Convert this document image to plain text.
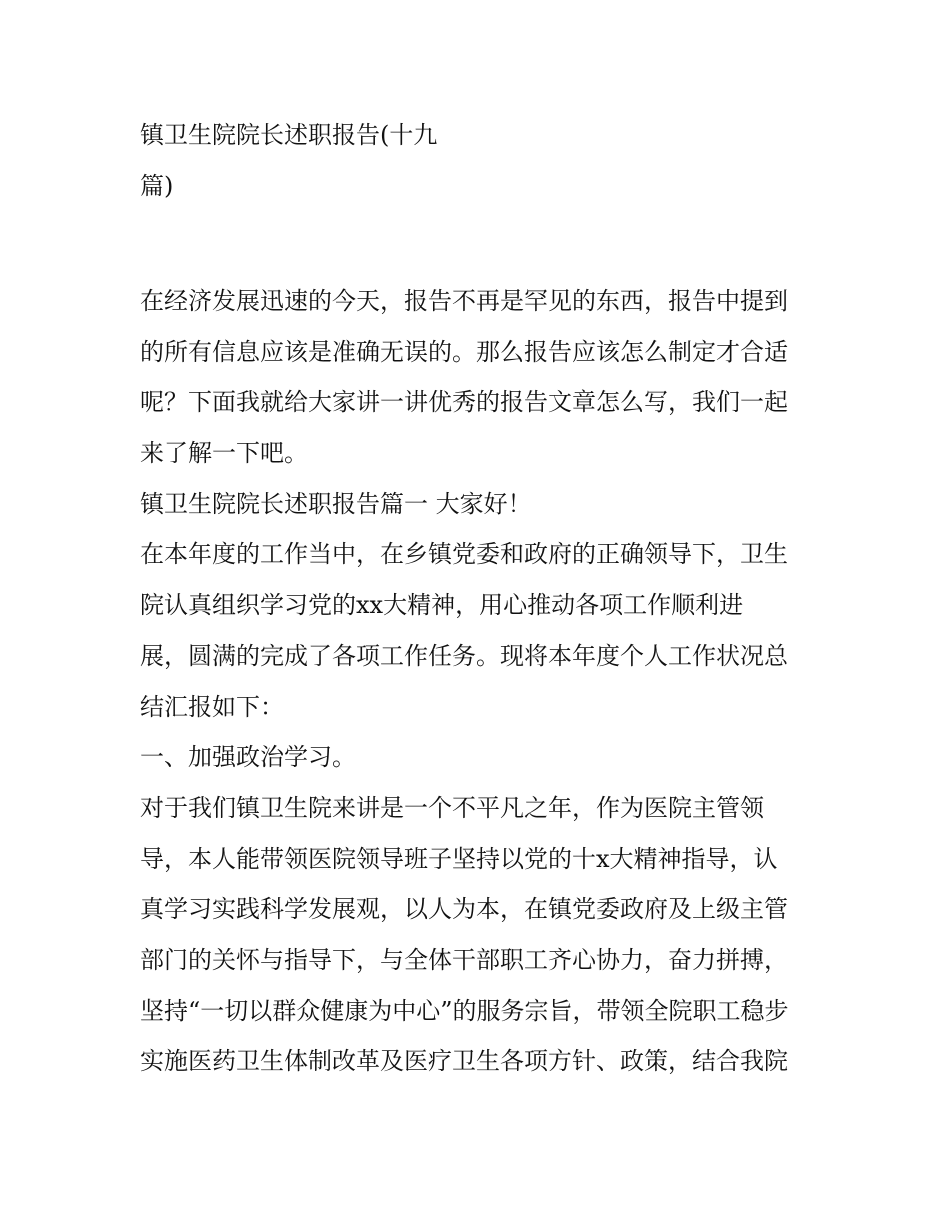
镇卫生院院长述职报告(十九
篇)
在经济发展迅速的今天，报告不再是罕见的东西，报告中提到
的所有信息应该是准确无误的。那么报告应该怎么制定才合适
呢？下面我就给大家讲一讲优秀的报告文章怎么写，我们一起
来了解一下吧。
镇卫生院院长述职报告篇一 大家好！
在本年度的工作当中，在乡镇党委和政府的正确领导下，卫生
院认真组织学习党的xx大精神，用心推动各项工作顺利进
展，圆满的完成了各项工作任务。现将本年度个人工作状况总
结汇报如下：
一、加强政治学习。
对于我们镇卫生院来讲是一个不平凡之年，作为医院主管领
导，本人能带领医院领导班子坚持以党的十x大精神指导，认
真学习实践科学发展观，以人为本，在镇党委政府及上级主管
部门的关怀与指导下，与全体干部职工齐心协力，奋力拼搏，
坚持“一切以群众健康为中心”的服务宗旨，带领全院职工稳步
实施医药卫生体制改革及医疗卫生各项方针、政策，结合我院
